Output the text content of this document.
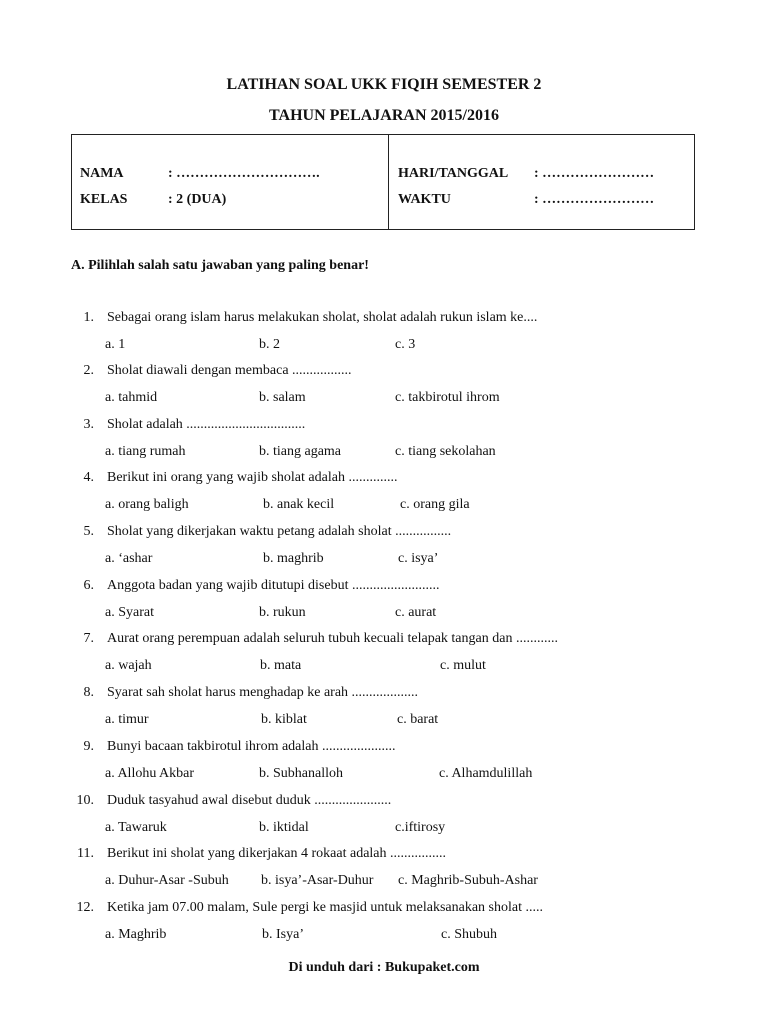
LATIHAN SOAL UKK FIQIH SEMESTER 2
TAHUN PELAJARAN 2015/2016
NAMA	: ………………………….
KELAS	: 2 (DUA)
HARI/TANGGAL : ……………………
WAKTU	: ……………………
A. Pilihlah salah satu jawaban yang paling benar!
1. Sebagai orang islam harus melakukan sholat, sholat adalah rukun islam ke....
a. 1	b. 2	c. 3
2. Sholat diawali dengan membaca .................
a. tahmid	b. salam	c. takbirotul ihrom
3. Sholat adalah ..................................
a. tiang rumah	b. tiang agama	c. tiang sekolahan
4. Berikut ini orang yang wajib sholat adalah ..............
a. orang baligh	b. anak kecil	c. orang gila
5. Sholat yang dikerjakan waktu petang adalah sholat ................
a. ‘ashar	b. maghrib	c. isya’
6. Anggota badan yang wajib ditutupi disebut .........................
a. Syarat	b. rukun	c. aurat
7. Aurat orang perempuan adalah seluruh tubuh kecuali telapak tangan dan ............
a. wajah	b. mata	c. mulut
8. Syarat sah sholat harus menghadap ke arah ...................
a. timur	b. kiblat	c. barat
9. Bunyi bacaan takbirotul ihrom adalah .....................
a. Allohu Akbar	b. Subhanalloh	c. Alhamdulillah
10. Duduk tasyahud awal disebut duduk ......................
a. Tawaruk	b. iktidal	c.iftirosy
11. Berikut ini sholat yang dikerjakan 4 rokaat adalah ................
a. Duhur-Asar -Subuh b. isya’-Asar-Duhur c. Maghrib-Subuh-Ashar
12. Ketika jam 07.00 malam, Sule pergi ke masjid untuk melaksanakan sholat .....
a. Maghrib	b. Isya’	c. Shubuh
Di unduh dari : Bukupaket.com
